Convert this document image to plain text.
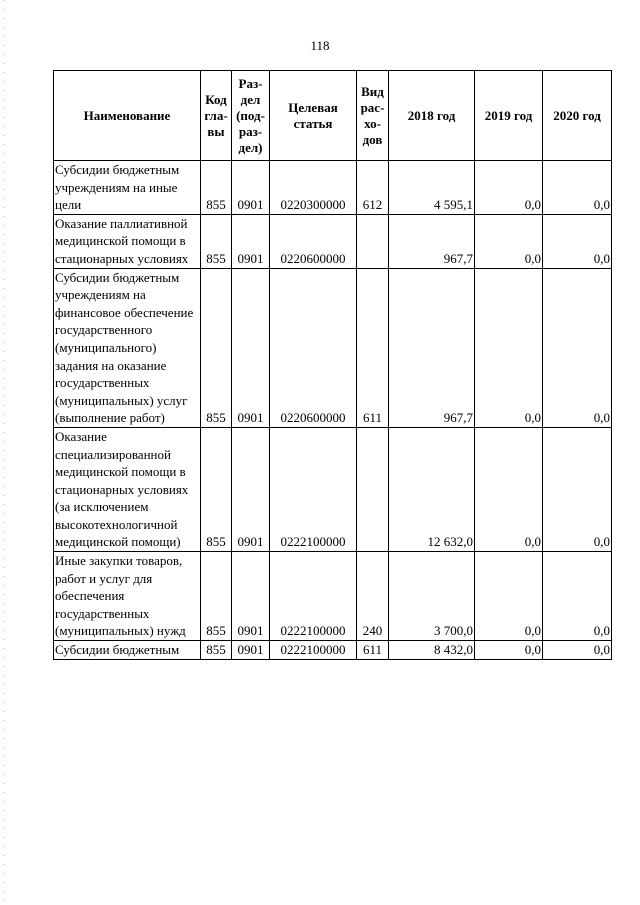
118
Наименование	Код гла- вы	Раз- дел (под- раз- дел)	Целевая статья	Вид рас- хо- дов	2018 год	2019 год	2020 год
Субсидии бюджетным учреждениям на иные цели	855	0901	0220300000	612	4 595,1	0,0	0,0
Оказание паллиативной медицинской помощи в стационарных условиях	855	0901	0220600000		967,7	0,0	0,0
Субсидии бюджетным учреждениям на финансовое обеспечение государственного (муниципального) задания на оказание государственных (муниципальных) услуг (выполнение работ)	855	0901	0220600000	611	967,7	0,0	0,0
Оказание специализированной медицинской помощи в стационарных условиях (за исключением высокотехнологичной медицинской помощи)	855	0901	0222100000		12 632,0	0,0	0,0
Иные закупки товаров, работ и услуг для обеспечения государственных (муниципальных) нужд	855	0901	0222100000	240	3 700,0	0,0	0,0
Субсидии бюджетным	855	0901	0222100000	611	8 432,0	0,0	0,0
